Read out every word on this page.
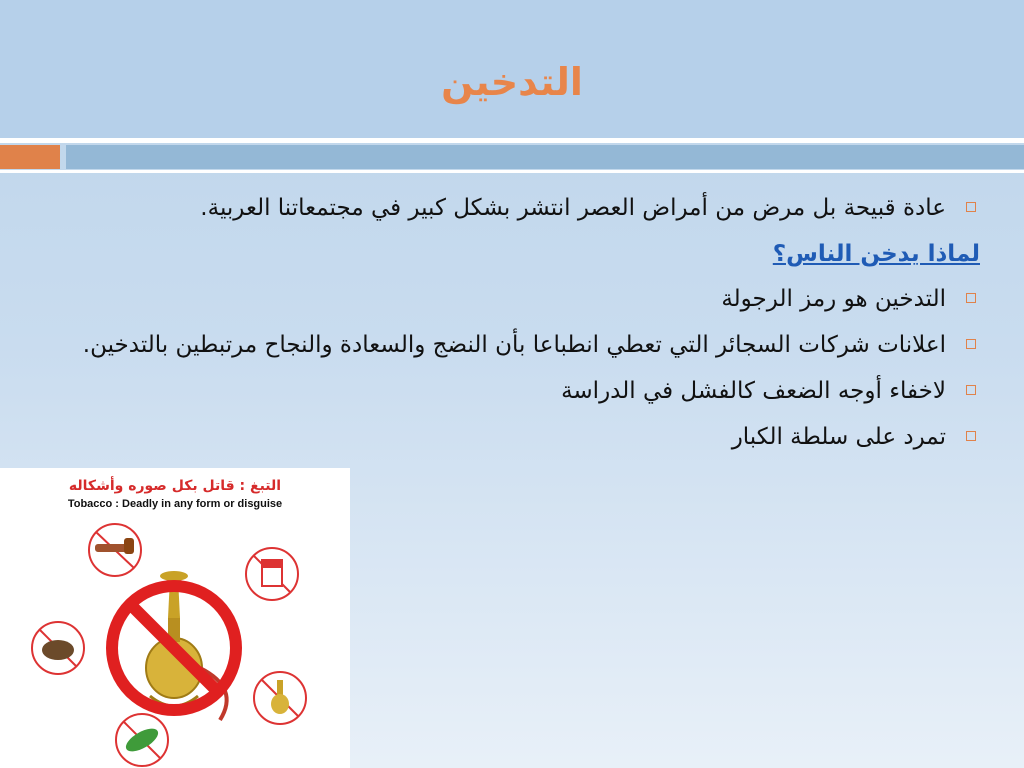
التدخين
عادة قبيحة بل مرض من أمراض العصر انتشر بشكل كبير في مجتمعاتنا العربية.
لماذا يدخن الناس؟
التدخين هو رمز الرجولة
اعلانات شركات السجائر التي تعطي انطباعا بأن النضج والسعادة والنجاح مرتبطين بالتدخين.
لاخفاء أوجه الضعف كالفشل في الدراسة
تمرد على سلطة الكبار
التبغ : قاتل بكل صوره وأشكاله
Tobacco : Deadly in any form or disguise
